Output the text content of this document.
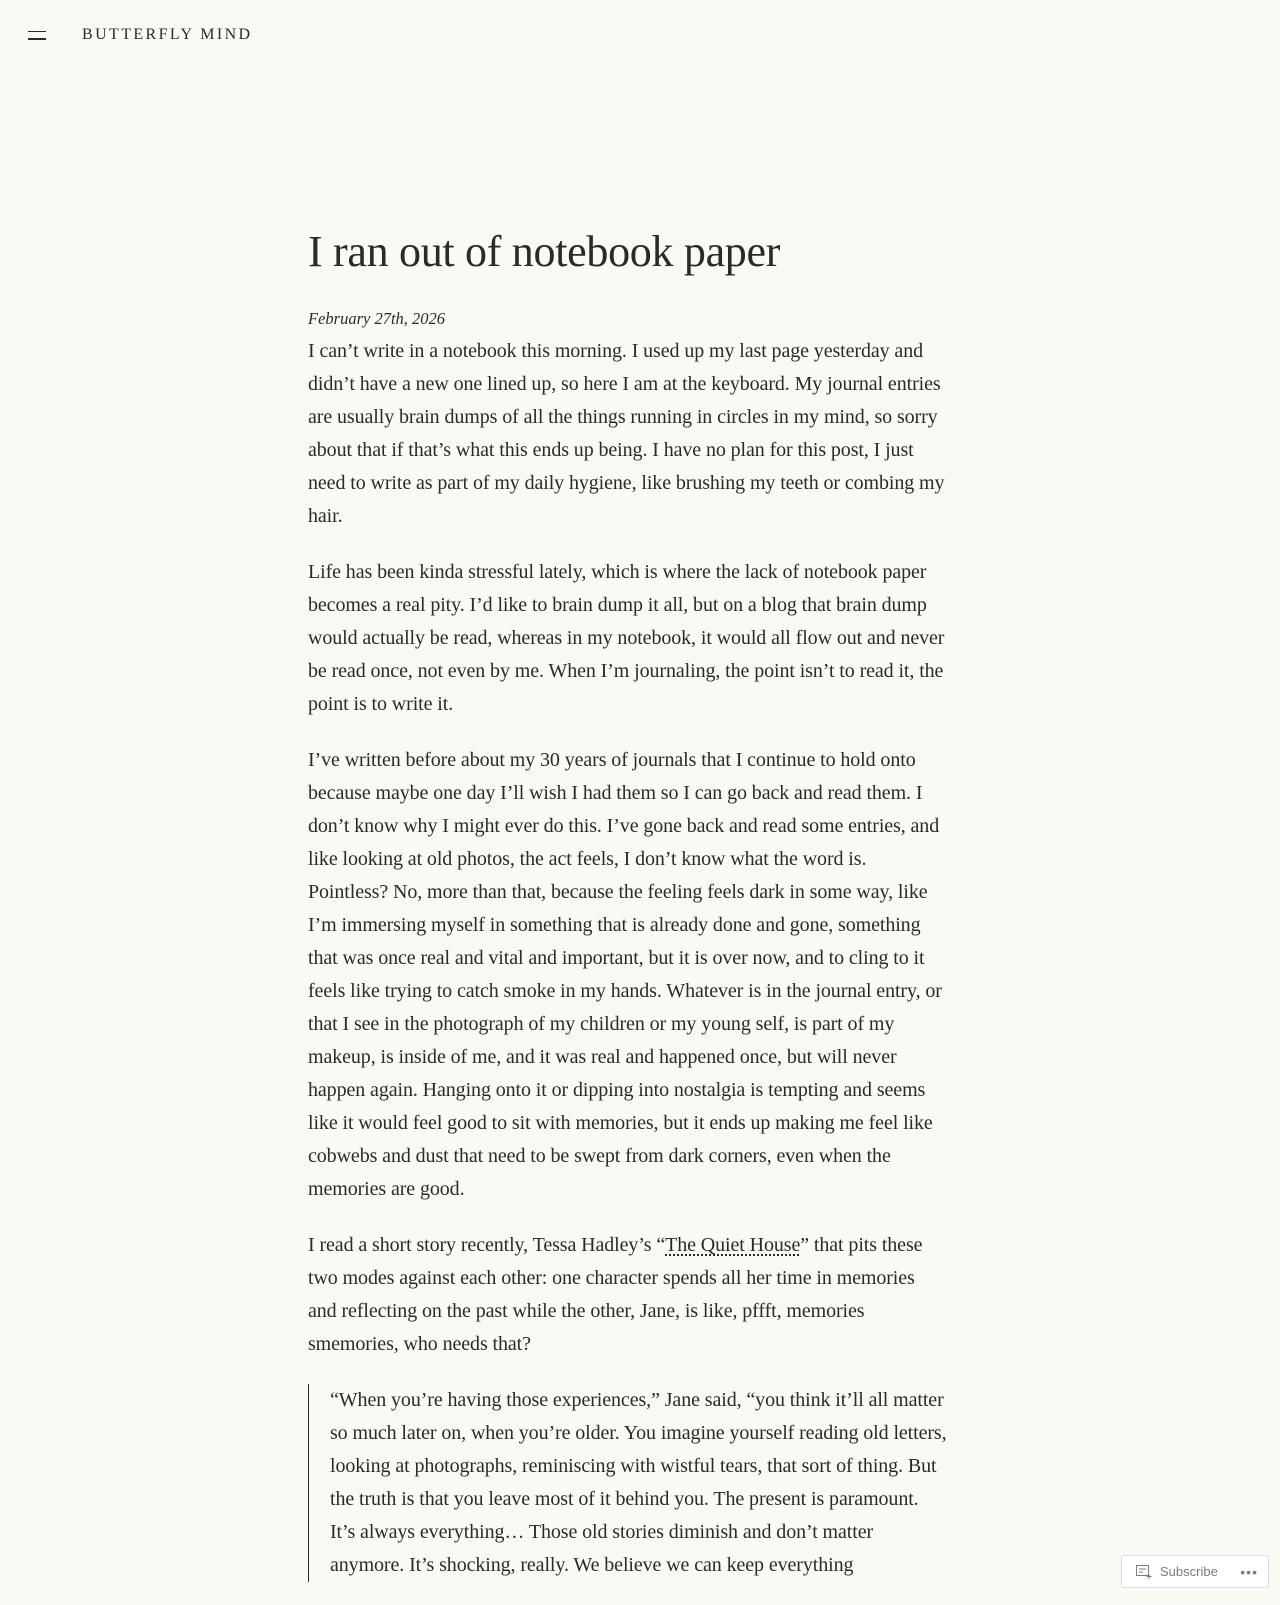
BUTTERFLY MIND
I ran out of notebook paper
February 27th, 2026

I can’t write in a notebook this morning. I used up my last page yesterday and didn’t have a new one lined up, so here I am at the keyboard. My journal entries are usually brain dumps of all the things running in circles in my mind, so sorry about that if that’s what this ends up being. I have no plan for this post, I just need to write as part of my daily hygiene, like brushing my teeth or combing my hair.

Life has been kinda stressful lately, which is where the lack of notebook paper becomes a real pity. I’d like to brain dump it all, but on a blog that brain dump would actually be read, whereas in my notebook, it would all flow out and never be read once, not even by me. When I’m journaling, the point isn’t to read it, the point is to write it.

I’ve written before about my 30 years of journals that I continue to hold onto because maybe one day I’ll wish I had them so I can go back and read them. I don’t know why I might ever do this. I’ve gone back and read some entries, and like looking at old photos, the act feels, I don’t know what the word is. Pointless? No, more than that, because the feeling feels dark in some way, like I’m immersing myself in something that is already done and gone, something that was once real and vital and important, but it is over now, and to cling to it feels like trying to catch smoke in my hands. Whatever is in the journal entry, or that I see in the photograph of my children or my young self, is part of my makeup, is inside of me, and it was real and happened once, but will never happen again. Hanging onto it or dipping into nostalgia is tempting and seems like it would feel good to sit with memories, but it ends up making me feel like cobwebs and dust that need to be swept from dark corners, even when the memories are good.

I read a short story recently, Tessa Hadley’s “The Quiet House” that pits these two modes against each other: one character spends all her time in memories and reflecting on the past while the other, Jane, is like, pffft, memories smemories, who needs that?

“When you’re having those experiences,” Jane said, “you think it’ll all matter so much later on, when you’re older. You imagine yourself reading old letters, looking at photographs, reminiscing with wistful tears, that sort of thing. But the truth is that you leave most of it behind you. The present is paramount. It’s always everything… Those old stories diminish and don’t matter anymore. It’s shocking, really. We believe we can keep everything	Subscribe	•••
